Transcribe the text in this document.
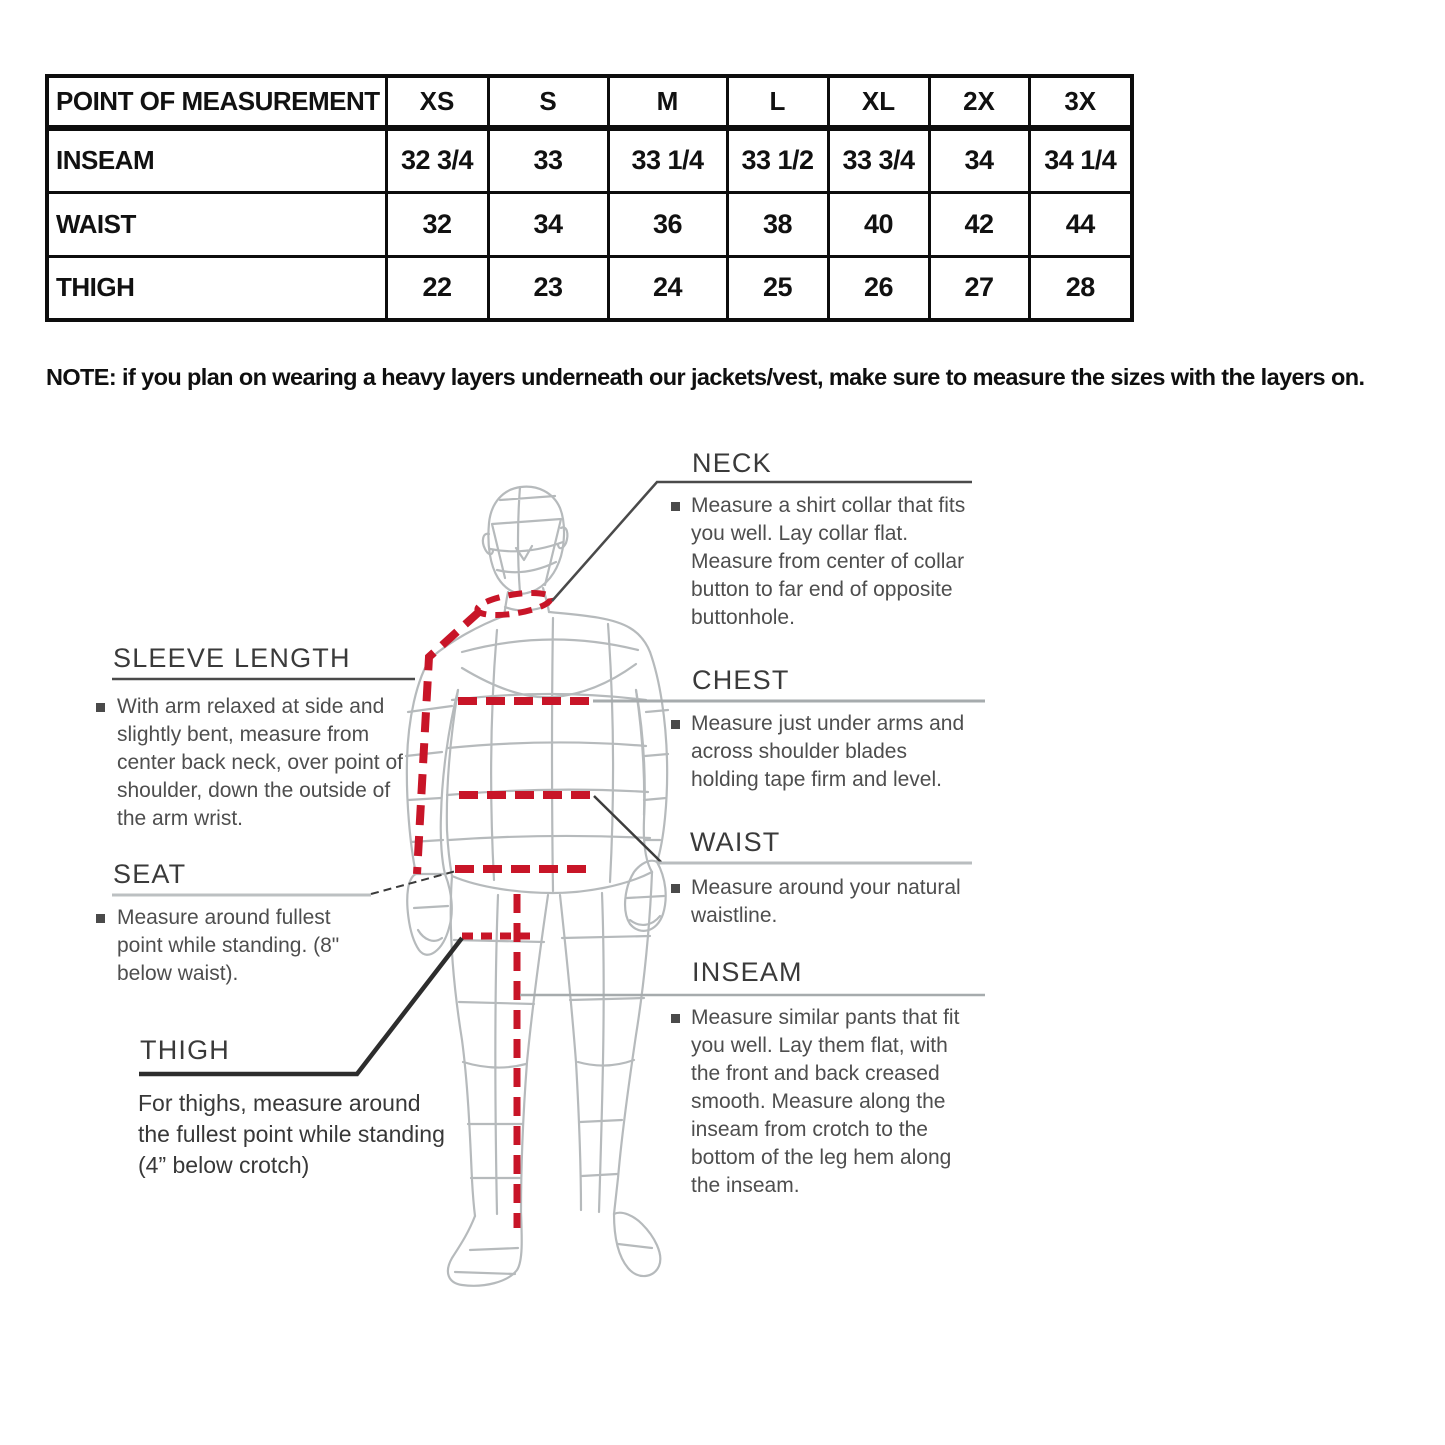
POINT OF MEASUREMENT	XS	S	M	L	XL	2X	3X
INSEAM	32 3/4	33	33 1/4	33 1/2	33 3/4	34	34 1/4
WAIST	32	34	36	38	40	42	44
THIGH	22	23	24	25	26	27	28
NOTE: if you plan on wearing a heavy layers underneath our jackets/vest, make sure to measure the sizes with the layers on.
NECK

Measure a shirt collar that fits you well. Lay collar flat. Measure from center of collar button to far end of opposite buttonhole.

CHEST

Measure just under arms and across shoulder blades holding tape firm and level.

WAIST

Measure around your natural waistline.

INSEAM

Measure similar pants that fit you well. Lay them flat, with the front and back creased smooth. Measure along the inseam from crotch to the bottom of the leg hem along the inseam.

SLEEVE LENGTH

With arm relaxed at side and slightly bent, measure from center back neck, over point of shoulder, down the outside of the arm wrist.

SEAT

Measure around fullest point while standing. (8" below waist).

THIGH

For thighs, measure around the fullest point while standing (4” below crotch)
